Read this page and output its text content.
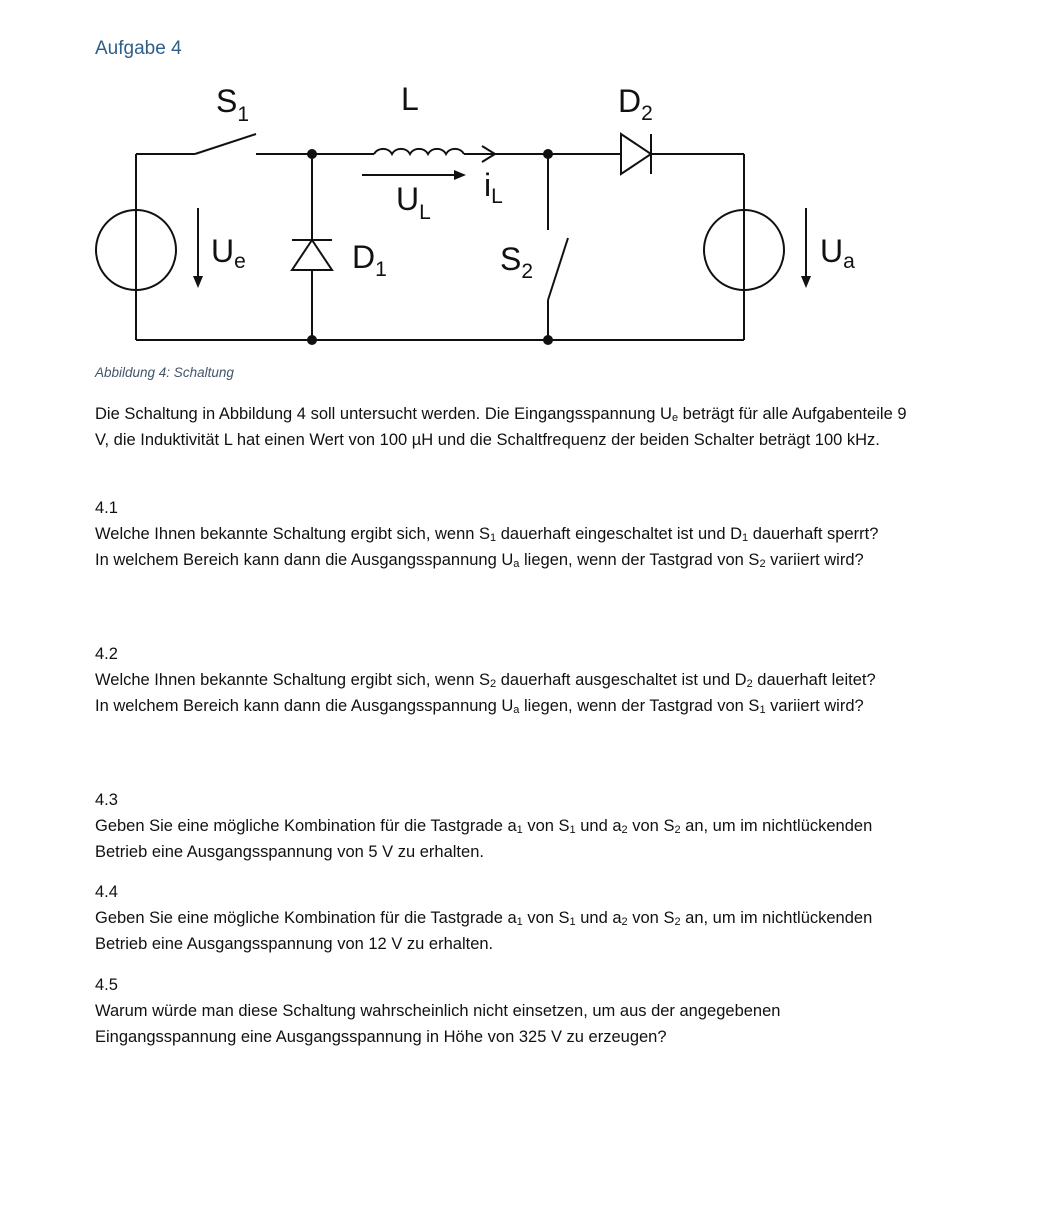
Aufgabe 4
$S_1$	L	$D_2$
$U_L$
$i_L$
Ue	$D_1$	$S_2$
Ua
Abbildung 4: Schaltung
Die Schaltung in Abbildung 4 soll untersucht werden. Die Eingangsspannung $U_e$ beträgt für alle Aufgabenteile 9 V, die Induktivität L hat einen Wert von 100 µH und die Schaltfrequenz der beiden Schalter beträgt 100 kHz.
4.1

Welche Ihnen bekannte Schaltung ergibt sich, wenn $S_1$ dauerhaft eingeschaltet ist und $D_1$ dauerhaft sperrt?

In welchem Bereich kann dann die Ausgangsspannung $U_a$ liegen, wenn der Tastgrad von $S_2$ variiert wird?

4.2

Welche Ihnen bekannte Schaltung ergibt sich, wenn $S_2$ dauerhaft ausgeschaltet ist und $D_2$ dauerhaft leitet?

In welchem Bereich kann dann die Ausgangsspannung $U_a$ liegen, wenn der Tastgrad von $S_1$ variiert wird?

4.3

Geben Sie eine mögliche Kombination für die Tastgrade $a_1$ von $S_1$ und $a_2$ von $S_2$ an, um im nichtlückenden Betrieb eine Ausgangsspannung von 5 V zu erhalten.

4.4

Geben Sie eine mögliche Kombination für die Tastgrade $a_1$ von $S_1$ und $a_2$ von $S_2$ an, um im nichtlückenden Betrieb eine Ausgangsspannung von 12 V zu erhalten.

4.5

Warum würde man diese Schaltung wahrscheinlich nicht einsetzen, um aus der angegebenen Eingangsspannung eine Ausgangsspannung in Höhe von 325 V zu erzeugen?
